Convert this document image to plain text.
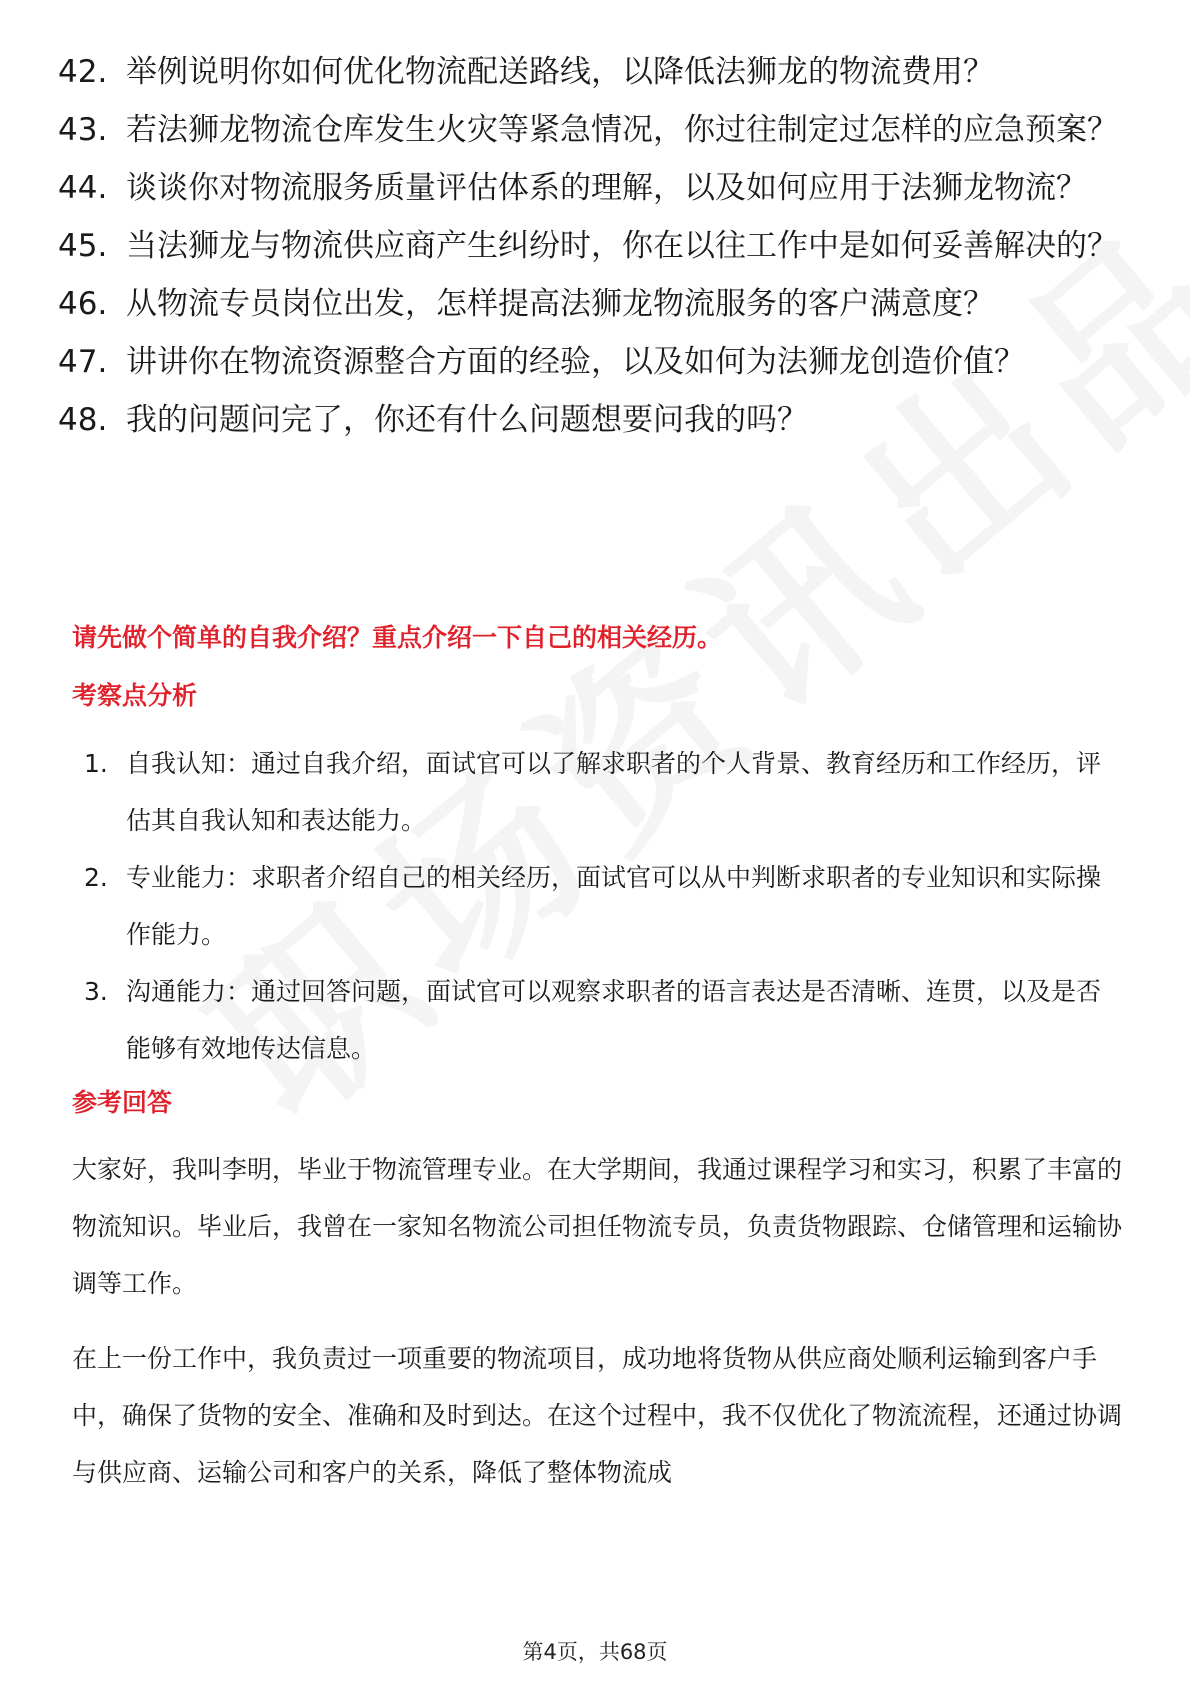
42. 举例说明你如何优化物流配送路线，以降低法狮龙的物流费用？
43. 若法狮龙物流仓库发生火灾等紧急情况，你过往制定过怎样的应急预案？
44. 谈谈你对物流服务质量评估体系的理解，以及如何应用于法狮龙物流？
45. 当法狮龙与物流供应商产生纠纷时，你在以往工作中是如何妥善解决的？
46. 从物流专员岗位出发，怎样提高法狮龙物流服务的客户满意度？
47. 讲讲你在物流资源整合方面的经验，以及如何为法狮龙创造价值？
48. 我的问题问完了，你还有什么问题想要问我的吗？
请先做个简单的自我介绍？重点介绍一下自己的相关经历。
考察点分析
1. 自我认知：通过自我介绍，面试官可以了解求职者的个人背景、教育经历和工作经历，评估其自我认知和表达能力。
2. 专业能力：求职者介绍自己的相关经历，面试官可以从中判断求职者的专业知识和实际操作能力。
3. 沟通能力：通过回答问题，面试官可以观察求职者的语言表达是否清晰、连贯，以及是否能够有效地传达信息。
参考回答
大家好，我叫李明，毕业于物流管理专业。在大学期间，我通过课程学习和实习，积累了丰富的物流知识。毕业后，我曾在一家知名物流公司担任物流专员，负责货物跟踪、仓储管理和运输协调等工作。
在上一份工作中，我负责过一项重要的物流项目，成功地将货物从供应商处顺利运输到客户手中，确保了货物的安全、准确和及时到达。在这个过程中，我不仅优化了物流流程，还通过协调与供应商、运输公司和客户的关系，降低了整体物流成
第4页，共68页
